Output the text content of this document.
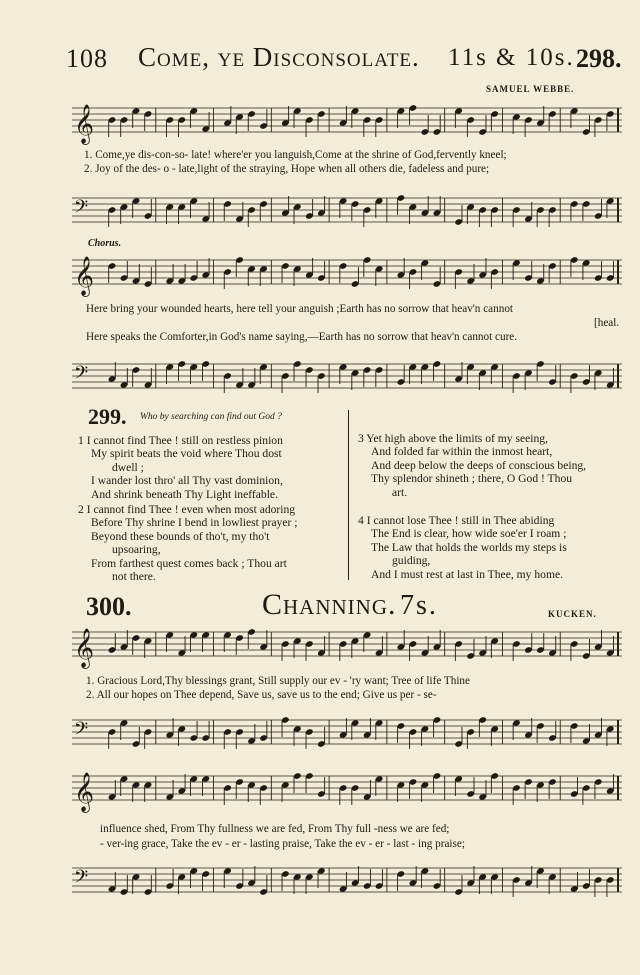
108 Come, ye Disconsolate. 11s & 10s. 298.
SAMUEL WEBBE.
𝄞
1. Come,ye dis-con-so- late! where'er you languish,Come at the shrine of God,fervently kneel;
2. Joy of the des- o - late,light of the straying, Hope when all others die, fadeless and pure;
𝄢
Chorus.
𝄞
Here bring your wounded hearts, here tell your anguish ;Earth has no sorrow that heav'n cannot
[heal.
Here speaks the Comforter,in God's name saying,—Earth has no sorrow that heav'n cannot cure.
𝄢
299. Who by searching can find out God ?
1 I cannot find Thee ! still on restless pinion
My spirit beats the void where Thou dost
dwell ;
I wander lost thro' all Thy vast dominion,
And shrink beneath Thy Light ineffable.
2 I cannot find Thee ! even when most adoring
Before Thy shrine I bend in lowliest prayer ;
Beyond these bounds of tho't, my tho't
upsoaring,
From farthest quest comes back ; Thou art
not there.
3 Yet high above the limits of my seeing,
And folded far within the inmost heart,
And deep below the deeps of conscious being,
Thy splendor shineth ; there, O God ! Thou
art.
4 I cannot lose Thee ! still in Thee abiding
The End is clear, how wide soe'er I roam ;
The Law that holds the worlds my steps is
guiding,
And I must rest at last in Thee, my home.
300.	Channing. 7s.	KUCKEN.
𝄞
1. Gracious Lord,Thy blessings grant, Still supply our ev - 'ry want; Tree of life Thine
2. All our hopes on Thee depend, Save us, save us to the end; Give us per - se-
𝄢
𝄞
influence shed, From Thy fullness we are fed, From Thy full -ness we are fed;
- ver-ing grace, Take the ev - er - lasting praise, Take the ev - er - last - ing praise;
𝄢
